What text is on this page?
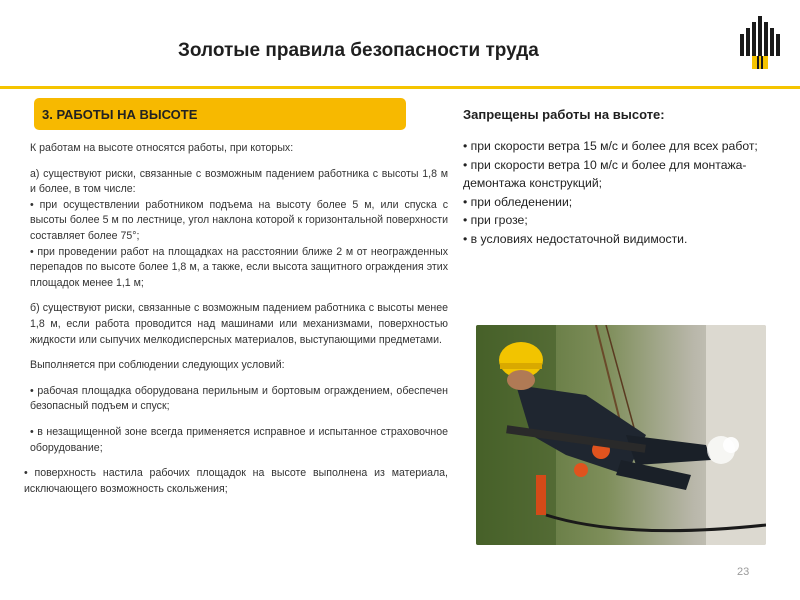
Золотые правила безопасности труда
3. РАБОТЫ НА ВЫСОТЕ

К работам на высоте относятся работы, при которых:

а) существуют риски, связанные с возможным падением работника с высоты 1,8 м и более, в том числе:

• при осуществлении работником подъема на высоту более 5 м, или спуска с высоты более 5 м по лестнице, угол наклона которой к горизонтальной поверхности составляет более 75°;

• при проведении работ на площадках на расстоянии ближе 2 м от неогражденных перепадов по высоте более 1,8 м, а также, если высота защитного ограждения этих площадок менее 1,1 м;

б) существуют риски, связанные с возможным падением работника с высоты менее 1,8 м, если работа проводится над машинами или механизмами, поверхностью жидкости или сыпучих мелкодисперсных материалов, выступающими предметами.

Выполняется при соблюдении следующих условий:

• рабочая площадка оборудована перильным и бортовым ограждением, обеспечен безопасный подъем и спуск;

• в незащищенной зоне всегда применяется исправное и испытанное страховочное оборудование;

• поверхность настила рабочих площадок на высоте выполнена из материала, исключающего возможность скольжения;

Запрещены работы на высоте:
• при скорости ветра 15 м/с и более для всех работ;
• при скорости ветра 10 м/с и более для монтажа-демонтажа конструкций;
• при обледенении;
• при грозе;
• в условиях недостаточной видимости.
23
